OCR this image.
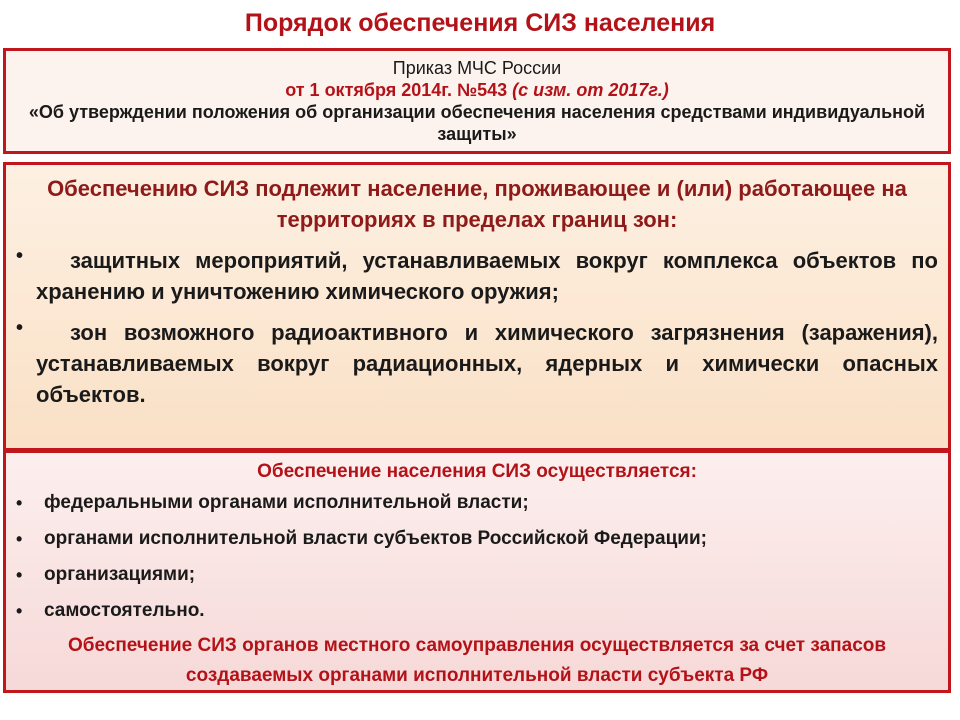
Порядок обеспечения СИЗ населения
Приказ МЧС России
от 1 октября 2014г. №543 (с изм. от 2017г.)
«Об утверждении положения об организации обеспечения населения средствами индивидуальной защиты»
Обеспечению СИЗ подлежит население, проживающее и (или) работающее на территориях в пределах границ зон:
•	защитных мероприятий, устанавливаемых вокруг комплекса объектов по хранению и уничтожению химического оружия;
•	зон возможного радиоактивного и химического загрязнения (заражения), устанавливаемых вокруг радиационных, ядерных и химически опасных объектов.
Обеспечение населения СИЗ осуществляется:
•	федеральными органами исполнительной власти;
•	органами исполнительной власти субъектов Российской Федерации;
•	организациями;
•	самостоятельно.
Обеспечение СИЗ органов местного самоуправления осуществляется за счет запасов создаваемых органами исполнительной власти субъекта РФ
